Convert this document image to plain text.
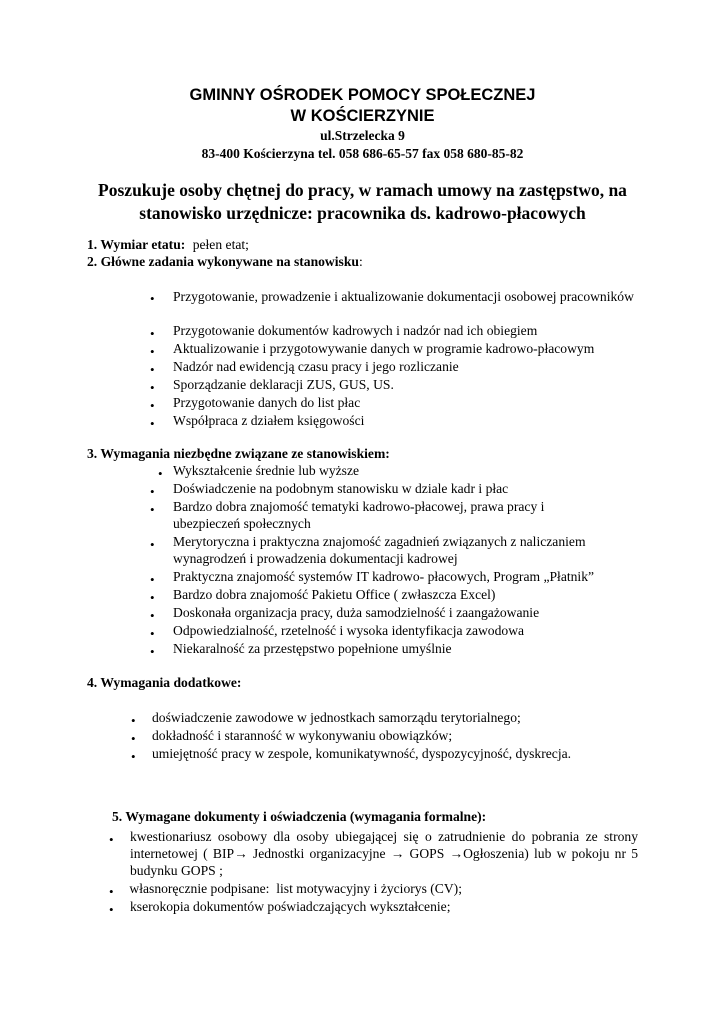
GMINNY OŚRODEK POMOCY SPOŁECZNEJ
W KOŚCIERZYNIE
ul.Strzelecka 9
83-400 Kościerzyna tel. 058 686-65-57 fax 058 680-85-82
Poszukuje osoby chętnej do pracy, w ramach umowy na zastępstwo, na
stanowisko urzędnicze: pracownika ds. kadrowo-płacowych
1. Wymiar etatu: pełen etat;
2. Główne zadania wykonywane na stanowisku:
• Przygotowanie, prowadzenie i aktualizowanie dokumentacji osobowej pracowników
• Przygotowanie dokumentów kadrowych i nadzór nad ich obiegiem
• Aktualizowanie i przygotowywanie danych w programie kadrowo-płacowym
• Nadzór nad ewidencją czasu pracy i jego rozliczanie
• Sporządzanie deklaracji ZUS, GUS, US.
• Przygotowanie danych do list płac
• Współpraca z działem księgowości
3. Wymagania niezbędne związane ze stanowiskiem:
• Wykształcenie średnie lub wyższe
• Doświadczenie na podobnym stanowisku w dziale kadr i płac
• Bardzo dobra znajomość tematyki kadrowo-płacowej, prawa pracy i ubezpieczeń społecznych
• Merytoryczna i praktyczna znajomość zagadnień związanych z naliczaniem wynagrodzeń i prowadzenia dokumentacji kadrowej
• Praktyczna znajomość systemów IT kadrowo- płacowych, Program „Płatnik”
• Bardzo dobra znajomość Pakietu Office ( zwłaszcza Excel)
• Doskonała organizacja pracy, duża samodzielność i zaangażowanie
• Odpowiedzialność, rzetelność i wysoka identyfikacja zawodowa
• Niekaralność za przestępstwo popełnione umyślnie
4. Wymagania dodatkowe:
• doświadczenie zawodowe w jednostkach samorządu terytorialnego;
• dokładność i staranność w wykonywaniu obowiązków;
• umiejętność pracy w zespole, komunikatywność, dyspozycyjność, dyskrecja.
5. Wymagane dokumenty i oświadczenia (wymagania formalne):
• kwestionariusz osobowy dla osoby ubiegającej się o zatrudnienie do pobrania ze strony internetowej ( BIP→ Jednostki organizacyjne → GOPS →Ogłoszenia) lub w pokoju nr 5 budynku GOPS ;
• własnoręcznie podpisane:  list motywacyjny i życiorys (CV);
• kserokopia dokumentów poświadczających wykształcenie;
